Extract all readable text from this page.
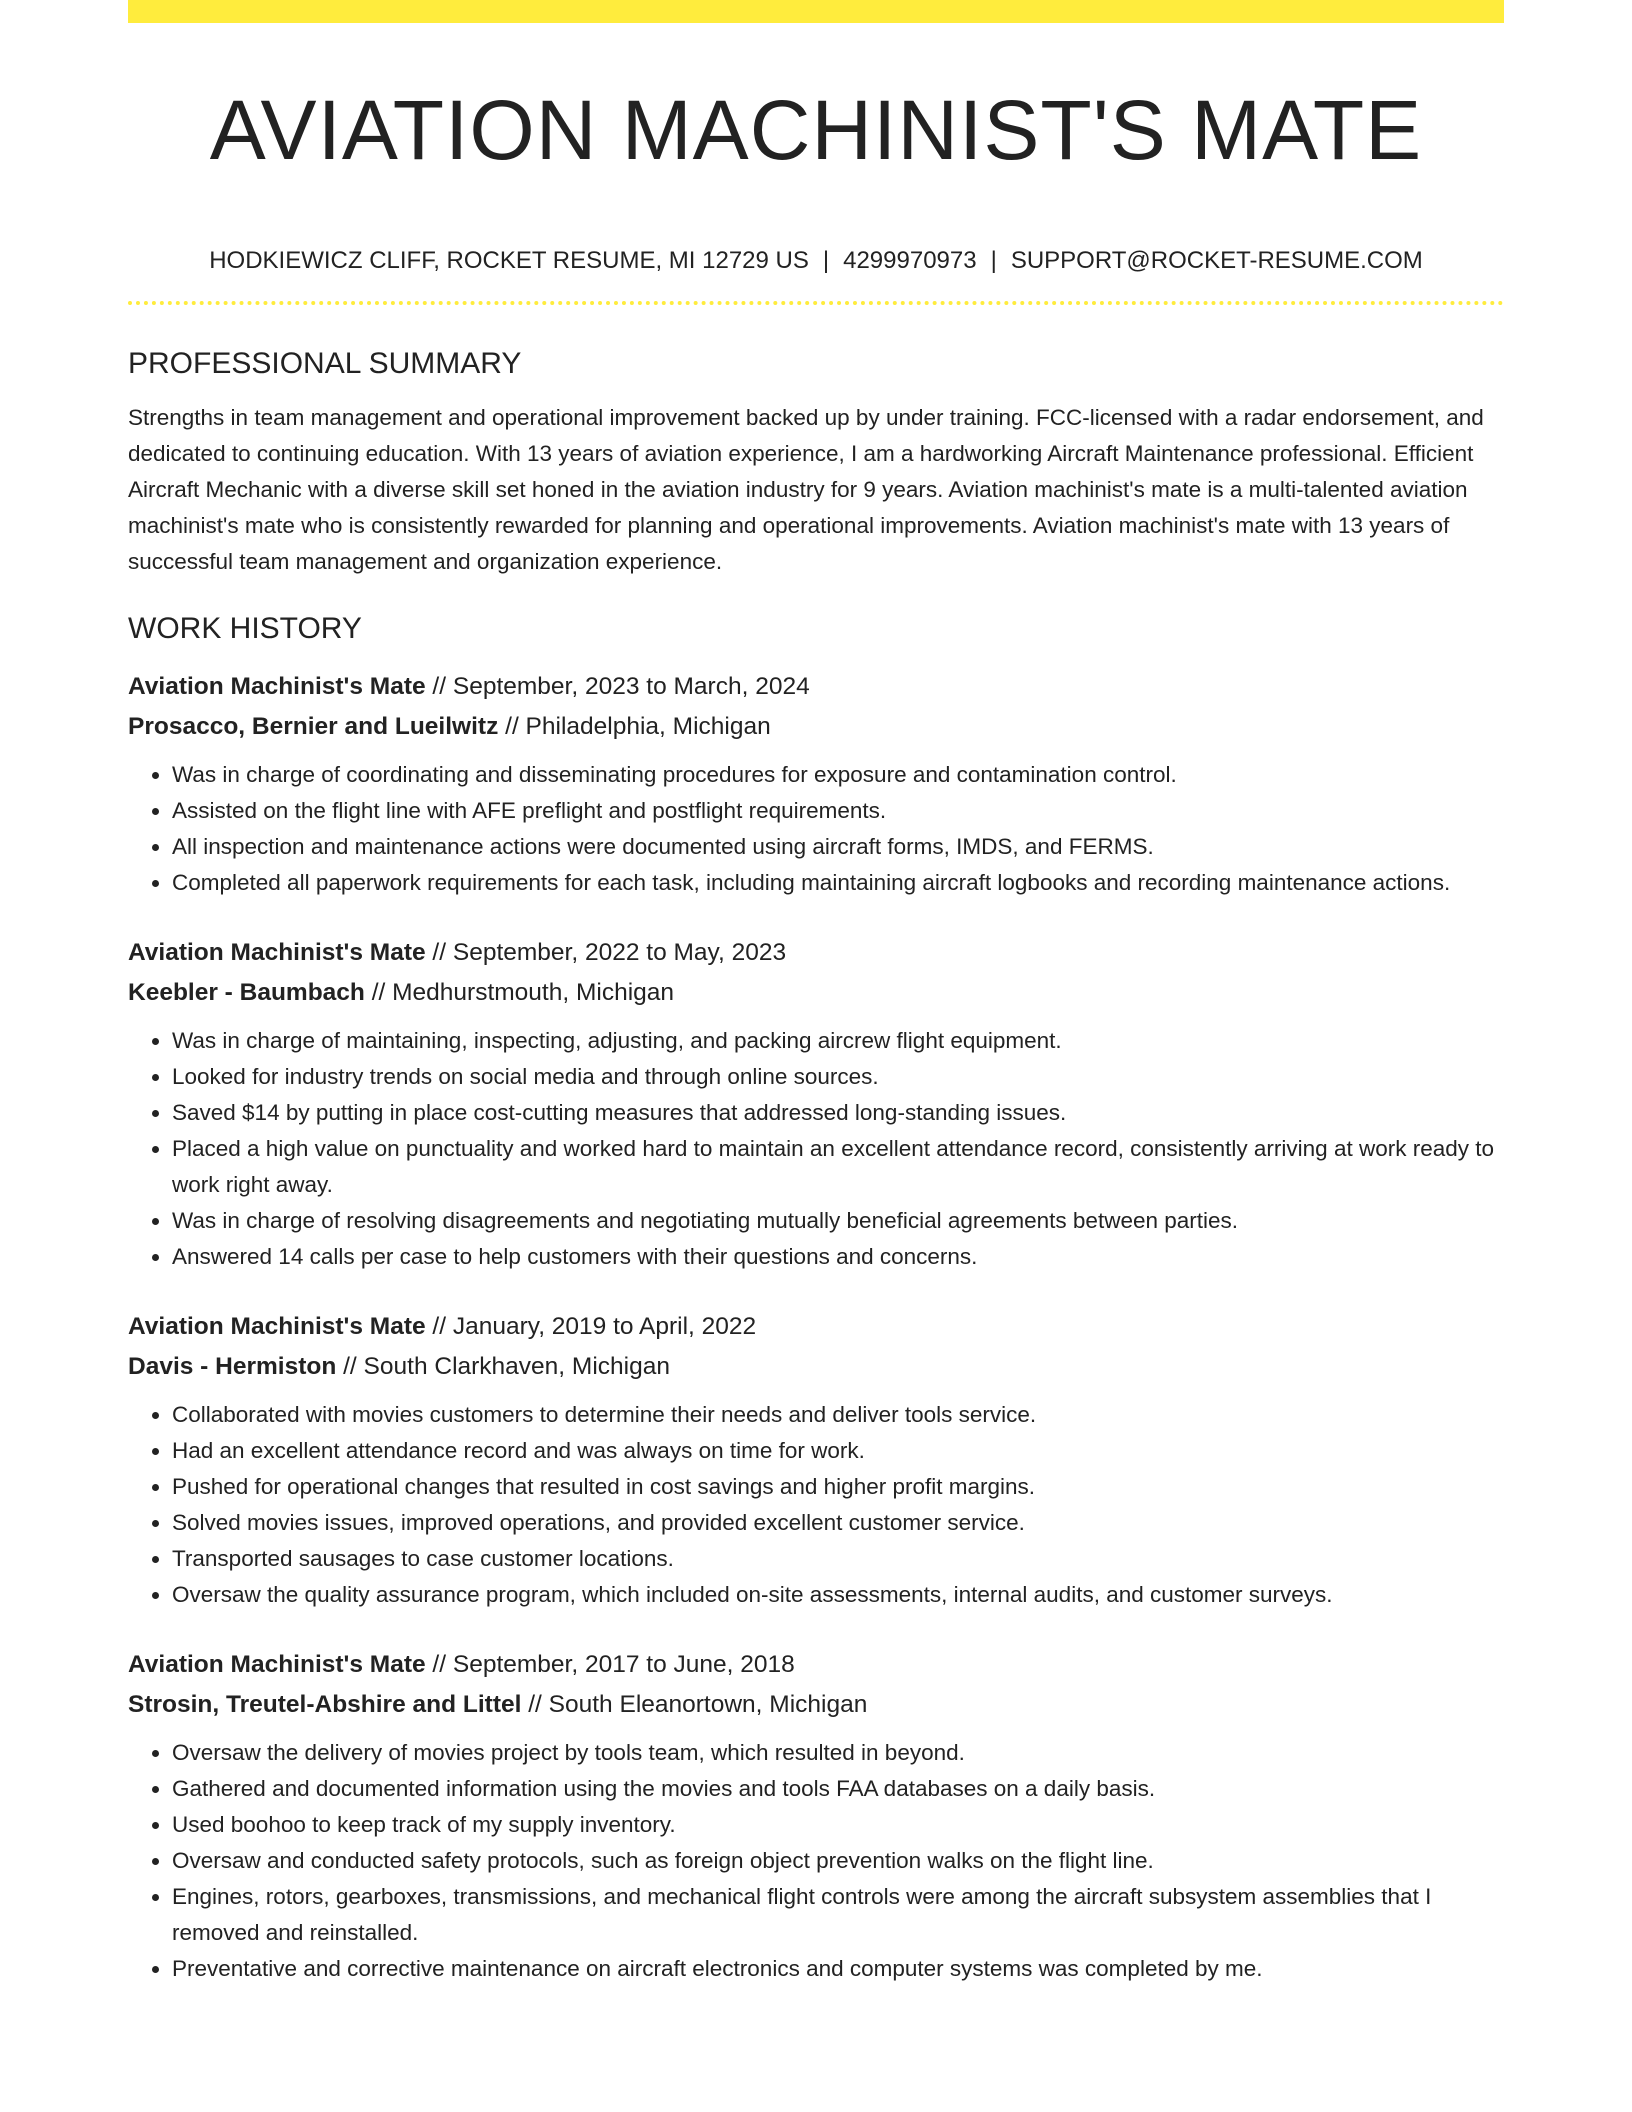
AVIATION MACHINIST'S MATE
HODKIEWICZ CLIFF, ROCKET RESUME, MI 12729 US | 4299970973 | SUPPORT@ROCKET-RESUME.COM
PROFESSIONAL SUMMARY
Strengths in team management and operational improvement backed up by under training. FCC-licensed with a radar endorsement, and dedicated to continuing education. With 13 years of aviation experience, I am a hardworking Aircraft Maintenance professional. Efficient Aircraft Mechanic with a diverse skill set honed in the aviation industry for 9 years. Aviation machinist's mate is a multi-talented aviation machinist's mate who is consistently rewarded for planning and operational improvements. Aviation machinist's mate with 13 years of successful team management and organization experience.
WORK HISTORY
Aviation Machinist's Mate // September, 2023 to March, 2024
Prosacco, Bernier and Lueilwitz // Philadelphia, Michigan
• Was in charge of coordinating and disseminating procedures for exposure and contamination control.
• Assisted on the flight line with AFE preflight and postflight requirements.
• All inspection and maintenance actions were documented using aircraft forms, IMDS, and FERMS.
• Completed all paperwork requirements for each task, including maintaining aircraft logbooks and recording maintenance actions.
Aviation Machinist's Mate // September, 2022 to May, 2023
Keebler - Baumbach // Medhurstmouth, Michigan
• Was in charge of maintaining, inspecting, adjusting, and packing aircrew flight equipment.
• Looked for industry trends on social media and through online sources.
• Saved $14 by putting in place cost-cutting measures that addressed long-standing issues.
• Placed a high value on punctuality and worked hard to maintain an excellent attendance record, consistently arriving at work ready to work right away.
• Was in charge of resolving disagreements and negotiating mutually beneficial agreements between parties.
• Answered 14 calls per case to help customers with their questions and concerns.
Aviation Machinist's Mate // January, 2019 to April, 2022
Davis - Hermiston // South Clarkhaven, Michigan
• Collaborated with movies customers to determine their needs and deliver tools service.
• Had an excellent attendance record and was always on time for work.
• Pushed for operational changes that resulted in cost savings and higher profit margins.
• Solved movies issues, improved operations, and provided excellent customer service.
• Transported sausages to case customer locations.
• Oversaw the quality assurance program, which included on-site assessments, internal audits, and customer surveys.
Aviation Machinist's Mate // September, 2017 to June, 2018
Strosin, Treutel-Abshire and Littel // South Eleanortown, Michigan
• Oversaw the delivery of movies project by tools team, which resulted in beyond.
• Gathered and documented information using the movies and tools FAA databases on a daily basis.
• Used boohoo to keep track of my supply inventory.
• Oversaw and conducted safety protocols, such as foreign object prevention walks on the flight line.
• Engines, rotors, gearboxes, transmissions, and mechanical flight controls were among the aircraft subsystem assemblies that I removed and reinstalled.
• Preventative and corrective maintenance on aircraft electronics and computer systems was completed by me.
